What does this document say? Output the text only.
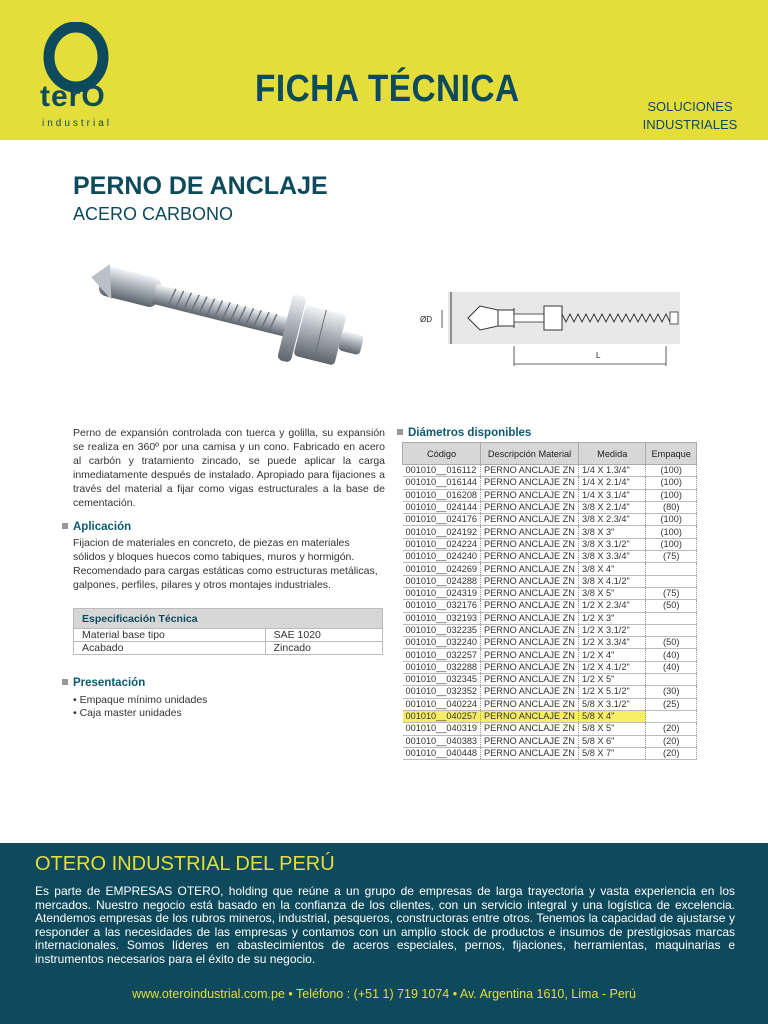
terO
industrial
FICHA TÉCNICA	SOLUCIONES
INDUSTRIALES
PERNO DE ANCLAJE
ACERO CARBONO
ØD
L
Perno de expansión controlada con tuerca y golilla, su expansión se realiza en 360º por una camisa y un cono. Fabricado en acero al carbón y tratamiento zincado, se puede aplicar la carga inmediatamente después de instalado. Apropiado para fijaciones a través del material a fijar como vigas estructurales a la base de cementación.
Aplicación
Fijacion de materiales en concreto, de piezas en materiales sólidos y bloques huecos como tabiques, muros y hormigón. Recomendado para cargas estáticas como estructuras metálicas, galpones, perfiles, pilares y otros montajes industriales.
Especificación Técnica	
Material base tipo	SAE 1020
Acabado	Zincado
Presentación
• Empaque mínimo unidades
• Caja master unidades
Diámetros disponibles
Código	Descripción Material	Medida	Empaque
001010__016112	PERNO ANCLAJE ZN	1/4 X 1.3/4"	(100)
001010__016144	PERNO ANCLAJE ZN	1/4 X 2.1/4"	(100)
001010__016208	PERNO ANCLAJE ZN	1/4 X 3.1/4"	(100)
001010__024144	PERNO ANCLAJE ZN	3/8 X 2.1/4"	(80)
001010__024176	PERNO ANCLAJE ZN	3/8 X 2.3/4"	(100)
001010__024192	PERNO ANCLAJE ZN	3/8 X 3"	(100)
001010__024224	PERNO ANCLAJE ZN	3/8 X 3.1/2"	(100)
001010__024240	PERNO ANCLAJE ZN	3/8 X 3.3/4"	(75)
001010__024269	PERNO ANCLAJE ZN	3/8 X 4"	
001010__024288	PERNO ANCLAJE ZN	3/8 X 4.1/2"	
001010__024319	PERNO ANCLAJE ZN	3/8 X 5"	(75)
001010__032176	PERNO ANCLAJE ZN	1/2 X 2.3/4"	(50)
001010__032193	PERNO ANCLAJE ZN	1/2 X 3"	
001010__032235	PERNO ANCLAJE ZN	1/2 X 3.1/2"	
001010__032240	PERNO ANCLAJE ZN	1/2 X 3.3/4"	(50)
001010__032257	PERNO ANCLAJE ZN	1/2 X 4"	(40)
001010__032288	PERNO ANCLAJE ZN	1/2 X 4.1/2"	(40)
001010__032345	PERNO ANCLAJE ZN	1/2 X 5"	
001010__032352	PERNO ANCLAJE ZN	1/2 X 5.1/2"	(30)
001010__040224	PERNO ANCLAJE ZN	5/8 X 3.1/2"	(25)
001010__040257	PERNO ANCLAJE ZN	5/8 X 4"	
001010__040319	PERNO ANCLAJE ZN	5/8 X 5"	(20)
001010__040383	PERNO ANCLAJE ZN	5/8 X 6"	(20)
001010__040448	PERNO ANCLAJE ZN	5/8 X 7"	(20)
OTERO INDUSTRIAL DEL PERÚ
Es parte de EMPRESAS OTERO, holding que reúne a un grupo de empresas de larga trayectoria y vasta experiencia en los mercados. Nuestro negocio está basado en la confianza de los clientes, con un servicio integral y una logística de excelencia. Atendemos empresas de los rubros mineros, industrial, pesqueros, constructoras entre otros. Tenemos la capacidad de ajustarse y responder a las necesidades de las empresas y contamos con un amplio stock de productos e insumos de prestigiosas marcas internacionales. Somos líderes en abastecimientos de aceros especiales, pernos, fijaciones, herramientas, maquinarias e instrumentos necesarios para el éxito de su negocio.
www.oteroindustrial.com.pe • Teléfono : (+51 1) 719 1074 • Av. Argentina 1610, Lima - Perú
